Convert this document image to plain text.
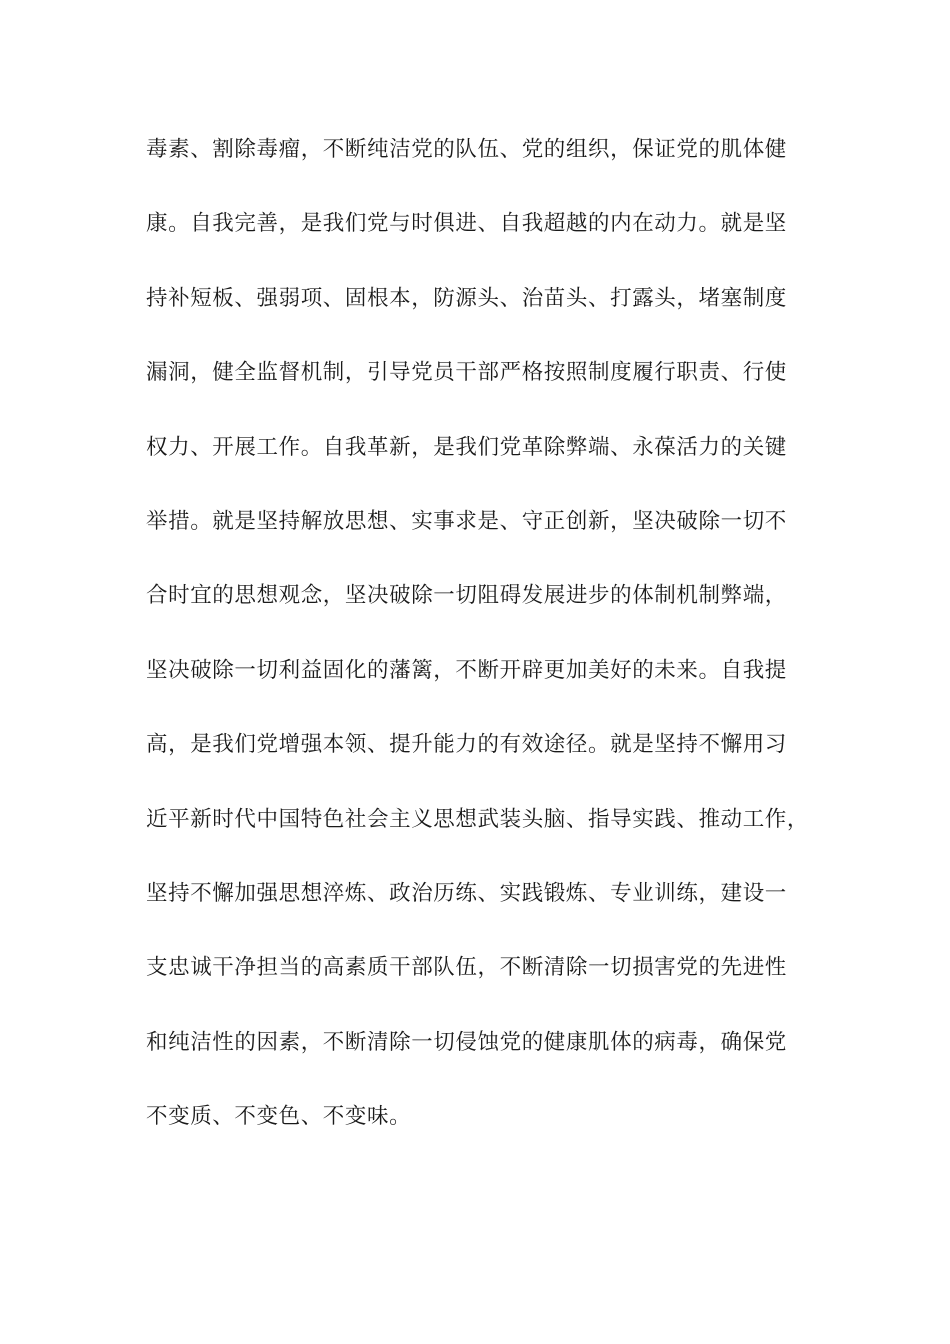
毒素、割除毒瘤，不断纯洁党的队伍、党的组织，保证党的肌体健
康。自我完善，是我们党与时俱进、自我超越的内在动力。就是坚
持补短板、强弱项、固根本，防源头、治苗头、打露头，堵塞制度
漏洞，健全监督机制，引导党员干部严格按照制度履行职责、行使
权力、开展工作。自我革新，是我们党革除弊端、永葆活力的关键
举措。就是坚持解放思想、实事求是、守正创新，坚决破除一切不
合时宜的思想观念，坚决破除一切阻碍发展进步的体制机制弊端，
坚决破除一切利益固化的藩篱，不断开辟更加美好的未来。自我提
高，是我们党增强本领、提升能力的有效途径。就是坚持不懈用习
近平新时代中国特色社会主义思想武装头脑、指导实践、推动工作，
坚持不懈加强思想淬炼、政治历练、实践锻炼、专业训练，建设一
支忠诚干净担当的高素质干部队伍，不断清除一切损害党的先进性
和纯洁性的因素，不断清除一切侵蚀党的健康肌体的病毒，确保党
不变质、不变色、不变味。
